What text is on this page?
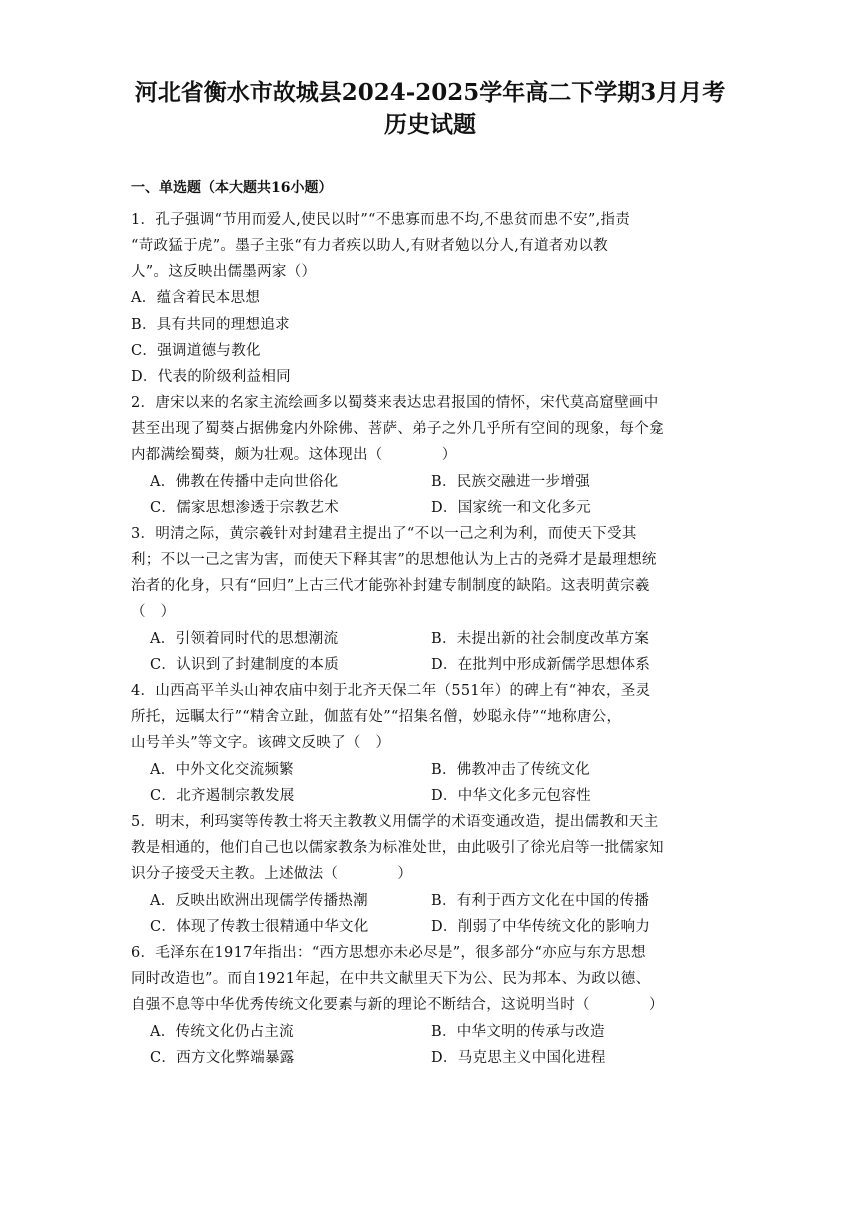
河北省衡水市故城县2024-2025学年高二下学期3月月考
历史试题
一、单选题（本大题共16小题）
1．孔子强调“节用而爱人,使民以时”“不患寡而患不均,不患贫而患不安”,指责
“苛政猛于虎”。墨子主张“有力者疾以助人,有财者勉以分人,有道者劝以教
人”。这反映出儒墨两家（）
A．蕴含着民本思想
B．具有共同的理想追求
C．强调道德与教化
D．代表的阶级利益相同
2．唐宋以来的名家主流绘画多以蜀葵来表达忠君报国的情怀，宋代莫高窟壁画中
甚至出现了蜀葵占据佛龛内外除佛、菩萨、弟子之外几乎所有空间的现象，每个龛
内都满绘蜀葵，颇为壮观。这体现出（　　　　）
A．佛教在传播中走向世俗化	B．民族交融进一步增强
C．儒家思想渗透于宗教艺术	D．国家统一和文化多元
3．明清之际，黄宗羲针对封建君主提出了“不以一己之利为利，而使天下受其
利；不以一己之害为害，而使天下释其害”的思想他认为上古的尧舜才是最理想统
治者的化身，只有“回归”上古三代才能弥补封建专制制度的缺陷。这表明黄宗羲
（　）
A．引领着同时代的思想潮流	B．未提出新的社会制度改革方案
C．认识到了封建制度的本质	D．在批判中形成新儒学思想体系
4．山西高平羊头山神农庙中刻于北齐天保二年（551年）的碑上有“神农，圣灵
所托，远瞩太行”“精舍立趾，伽蓝有处”“招集名僧，妙聪永侍”“地称唐公，
山号羊头”等文字。该碑文反映了（　）
A．中外文化交流频繁	B．佛教冲击了传统文化
C．北齐遏制宗教发展	D．中华文化多元包容性
5．明末，利玛窦等传教士将天主教教义用儒学的术语变通改造，提出儒教和天主
教是相通的，他们自己也以儒家教条为标准处世，由此吸引了徐光启等一批儒家知
识分子接受天主教。上述做法（　　　　）
A．反映出欧洲出现儒学传播热潮	B．有利于西方文化在中国的传播
C．体现了传教士很精通中华文化	D．削弱了中华传统文化的影响力
6．毛泽东在1917年指出：“西方思想亦未必尽是”，很多部分“亦应与东方思想
同时改造也”。而自1921年起，在中共文献里天下为公、民为邦本、为政以德、
自强不息等中华优秀传统文化要素与新的理论不断结合，这说明当时（　　　　）
A．传统文化仍占主流	B．中华文明的传承与改造
C．西方文化弊端暴露	D．马克思主义中国化进程
